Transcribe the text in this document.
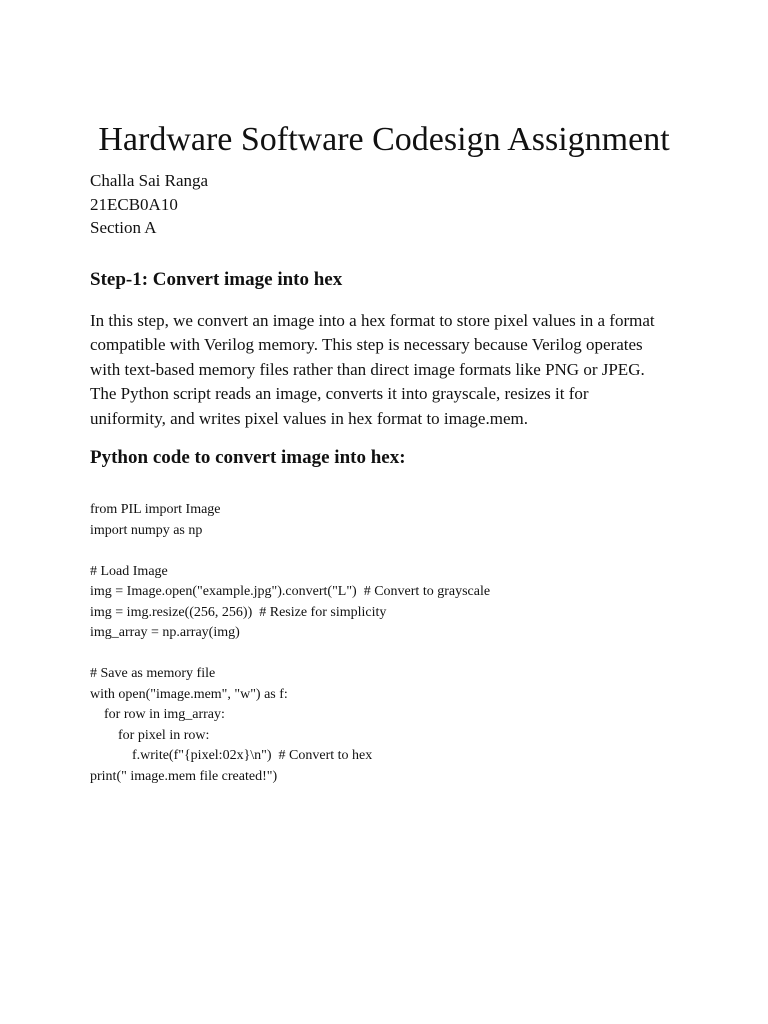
Hardware Software Codesign Assignment
Challa Sai Ranga
21ECB0A10
Section A
Step-1: Convert image into hex

In this step, we convert an image into a hex format to store pixel values in a format
compatible with Verilog memory. This step is necessary because Verilog operates
with text-based memory files rather than direct image formats like PNG or JPEG.
The Python script reads an image, converts it into grayscale, resizes it for
uniformity, and writes pixel values in hex format to image.mem.

Python code to convert image into hex:
from PIL import Image
import numpy as np
# Load Image
img = Image.open("example.jpg").convert("L")  # Convert to grayscale
img = img.resize((256, 256))  # Resize for simplicity
img_array = np.array(img)
# Save as memory file
with open("image.mem", "w") as f:
for row in img_array:
for pixel in row:
f.write(f"{pixel:02x}\n")  # Convert to hex
print(" image.mem file created!")
